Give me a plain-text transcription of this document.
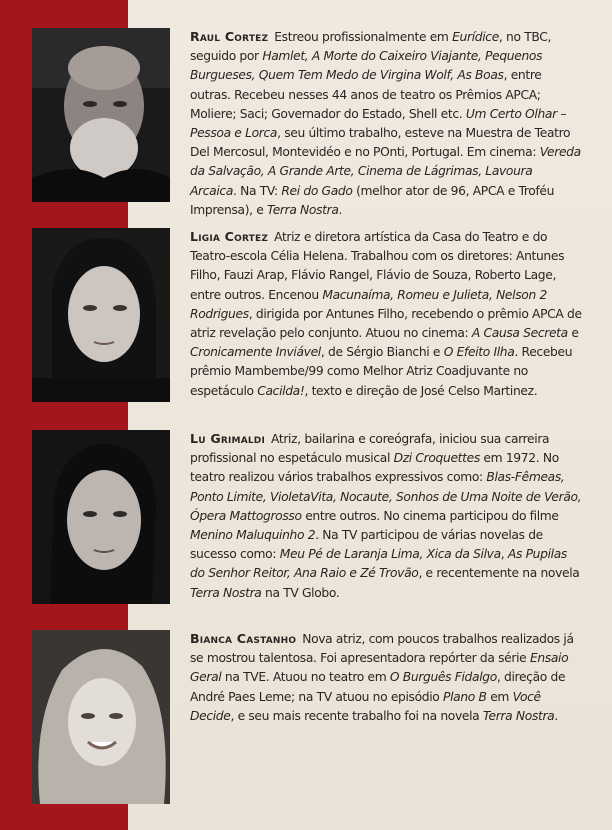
Raul Cortez Estreou profissionalmente em Eurídice, no TBC, seguido por Hamlet, A Morte do Caixeiro Viajante, Pequenos Burgueses, Quem Tem Medo de Virgina Wolf, As Boas, entre outras. Recebeu nesses 44 anos de teatro os Prêmios APCA; Moliere; Saci; Governador do Estado, Shell etc. Um Certo Olhar – Pessoa e Lorca, seu último trabalho, esteve na Muestra de Teatro Del Mercosul, Montevidéo e no POnti, Portugal. Em cinema: Vereda da Salvação, A Grande Arte, Cinema de Lágrimas, Lavoura Arcaica. Na TV: Rei do Gado (melhor ator de 96, APCA e Troféu Imprensa), e Terra Nostra.

Ligia Cortez Atriz e diretora artística da Casa do Teatro e do Teatro-escola Célia Helena. Trabalhou com os diretores: Antunes Filho, Fauzi Arap, Flávio Rangel, Flávio de Souza, Roberto Lage, entre outros. Encenou Macunaíma, Romeu e Julieta, Nelson 2 Rodrigues, dirigida por Antunes Filho, recebendo o prêmio APCA de atriz revelação pelo conjunto. Atuou no cinema: A Causa Secreta e Cronicamente Inviável, de Sérgio Bianchi e O Efeito Ilha. Recebeu prêmio Mambembe/99 como Melhor Atriz Coadjuvante no espetáculo Cacilda!, texto e direção de José Celso Martinez.

Lu Grimaldi Atriz, bailarina e coreógrafa, iniciou sua carreira profissional no espetáculo musical Dzi Croquettes em 1972. No teatro realizou vários trabalhos expressivos como: Blas-Fêmeas, Ponto Limite, VioletaVita, Nocaute, Sonhos de Uma Noite de Verão, Ópera Mattogrosso entre outros. No cinema participou do filme Menino Maluquinho 2. Na TV participou de várias novelas de sucesso como: Meu Pé de Laranja Lima, Xica da Silva, As Pupilas do Senhor Reitor, Ana Raio e Zé Trovão, e recentemente na novela Terra Nostra na TV Globo.

Bianca Castanho Nova atriz, com poucos trabalhos realizados já se mostrou talentosa. Foi apresentadora repórter da série Ensaio Geral na TVE. Atuou no teatro em O Burguês Fidalgo, direção de André Paes Leme; na TV atuou no episódio Plano B em Você Decide, e seu mais recente trabalho foi na novela Terra Nostra.
